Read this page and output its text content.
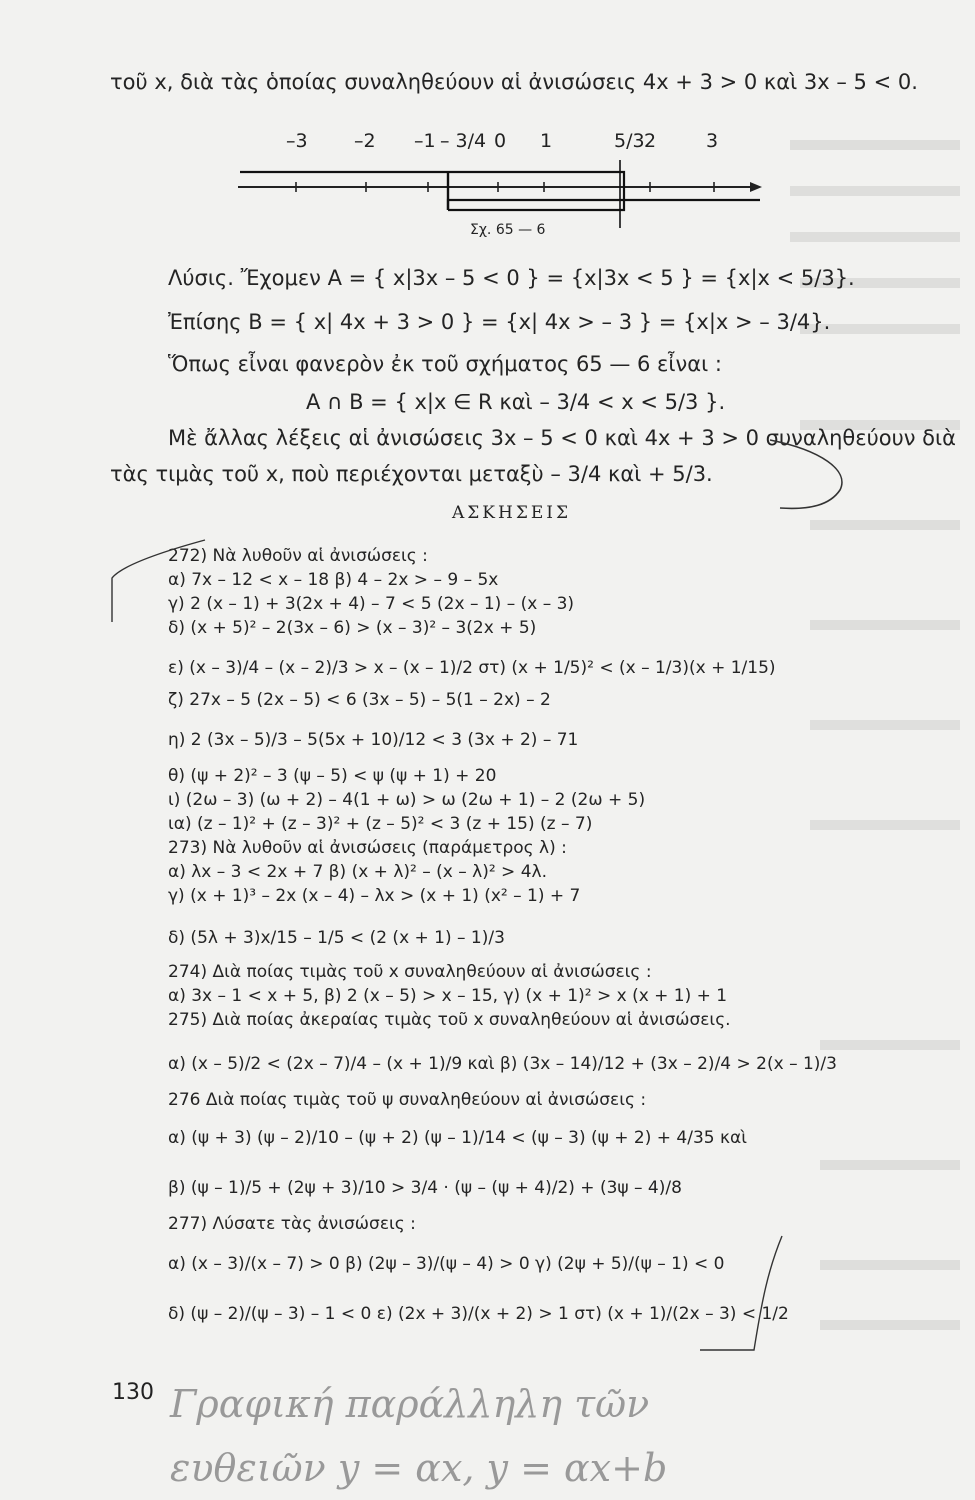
–3 –2 –1 – 3/4 0 1	5/3 2	3
τοῦ x, διὰ τὰς ὁποίας συναληθεύουν αἱ ἀνισώσεις 4x + 3 > 0 καὶ 3x – 5 < 0.
Σχ. 65 — 6
Λύσις. Ἔχομεν A = { x|3x – 5 < 0 } = {x|3x < 5 } = {x|x < 5/3}.
Ἐπίσης B = { x| 4x + 3 > 0 } = {x| 4x > – 3 } = {x|x > – 3/4}.
Ὅπως εἶναι φανερὸν ἐκ τοῦ σχήματος 65 — 6 εἶναι :
A ∩ B = { x|x ∈ R καὶ – 3/4 < x < 5/3 }.
Μὲ ἄλλας λέξεις αἱ ἀνισώσεις 3x – 5 < 0 καὶ 4x + 3 > 0 συναληθεύουν διὰ
τὰς τιμὰς τοῦ x, ποὺ περιέχονται μεταξὺ – 3/4 καὶ + 5/3.
ΑΣΚΗΣΕΙΣ
272) Νὰ λυθοῦν αἱ ἀνισώσεις :
α) 7x – 12 < x – 18 β) 4 – 2x > – 9 – 5x
γ) 2 (x – 1) + 3(2x + 4) – 7 < 5 (2x – 1) – (x – 3)
δ) (x + 5)² – 2(3x – 6) > (x – 3)² – 3(2x + 5)
ε) (x – 3)/4 – (x – 2)/3 > x – (x – 1)/2 στ) (x + 1/5)² < (x – 1/3)(x + 1/15)
ζ) 27x – 5 (2x – 5) < 6 (3x – 5) – 5(1 – 2x) – 2
η) 2 (3x – 5)/3 – 5(5x + 10)/12 < 3 (3x + 2) – 71
θ) (ψ + 2)² – 3 (ψ – 5) < ψ (ψ + 1) + 20
ι) (2ω – 3) (ω + 2) – 4(1 + ω) > ω (2ω + 1) – 2 (2ω + 5)
ια) (z – 1)² + (z – 3)² + (z – 5)² < 3 (z + 15) (z – 7)
273) Νὰ λυθοῦν αἱ ἀνισώσεις (παράμετρος λ) :
α) λx – 3 < 2x + 7 β) (x + λ)² – (x – λ)² > 4λ.
γ) (x + 1)³ – 2x (x – 4) – λx > (x + 1) (x² – 1) + 7
δ) (5λ + 3)x/15 – 1/5 < (2 (x + 1) – 1)/3
274) Διὰ ποίας τιμὰς τοῦ x συναληθεύουν αἱ ἀνισώσεις :
α) 3x – 1 < x + 5, β) 2 (x – 5) > x – 15, γ) (x + 1)² > x (x + 1) + 1
275) Διὰ ποίας ἀκεραίας τιμὰς τοῦ x συναληθεύουν αἱ ἀνισώσεις.
α) (x – 5)/2 < (2x – 7)/4 – (x + 1)/9 καὶ β) (3x – 14)/12 + (3x – 2)/4 > 2(x – 1)/3
276 Διὰ ποίας τιμὰς τοῦ ψ συναληθεύουν αἱ ἀνισώσεις :
α) (ψ + 3) (ψ – 2)/10 – (ψ + 2) (ψ – 1)/14 < (ψ – 3) (ψ + 2) + 4/35 καὶ
β) (ψ – 1)/5 + (2ψ + 3)/10 > 3/4 · (ψ – (ψ + 4)/2) + (3ψ – 4)/8
277) Λύσατε τὰς ἀνισώσεις :
α) (x – 3)/(x – 7) > 0 β) (2ψ – 3)/(ψ – 4) > 0 γ) (2ψ + 5)/(ψ – 1) < 0
δ) (ψ – 2)/(ψ – 3) – 1 < 0 ε) (2x + 3)/(x + 2) > 1 στ) (x + 1)/(2x – 3) < 1/2
130 Γραφική παράλληλη τῶν
ευθειῶν y = αx, y = αx+b
